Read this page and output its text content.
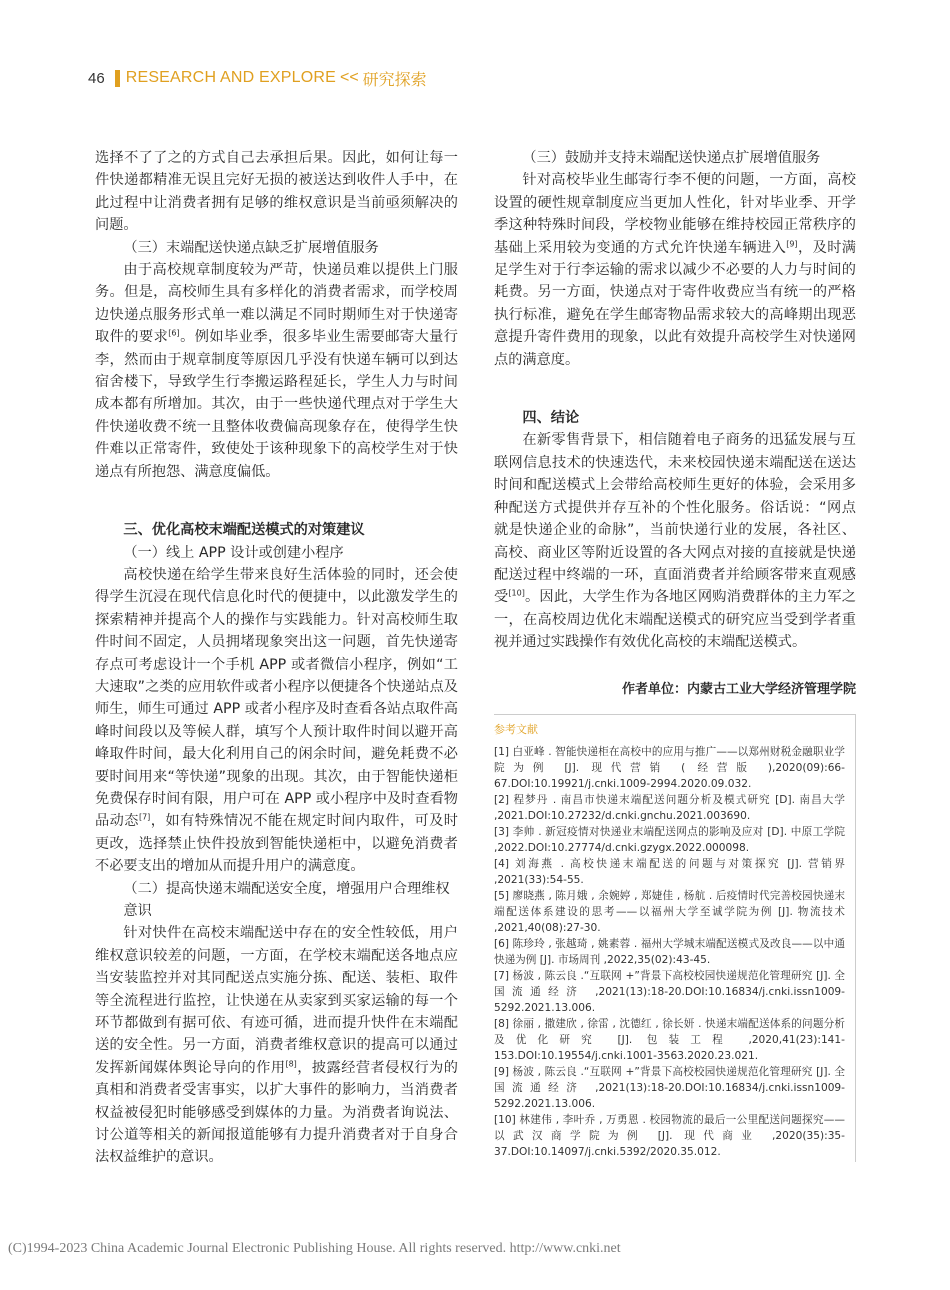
46 RESEARCH AND EXPLORE << 研究探索

选择不了了之的方式自己去承担后果。因此，如何让每一件快递都精准无误且完好无损的被送达到收件人手中，在此过程中让消费者拥有足够的维权意识是当前亟须解决的问题。

（三）末端配送快递点缺乏扩展增值服务

由于高校规章制度较为严苛，快递员难以提供上门服务。但是，高校师生具有多样化的消费者需求，而学校周边快递点服务形式单一难以满足不同时期师生对于快递寄取件的要求[6]。例如毕业季，很多毕业生需要邮寄大量行李，然而由于规章制度等原因几乎没有快递车辆可以到达宿舍楼下，导致学生行李搬运路程延长，学生人力与时间成本都有所增加。其次，由于一些快递代理点对于学生大件快递收费不统一且整体收费偏高现象存在，使得学生快件难以正常寄件，致使处于该种现象下的高校学生对于快递点有所抱怨、满意度偏低。

三、优化高校末端配送模式的对策建议
（一）线上 APP 设计或创建小程序

高校快递在给学生带来良好生活体验的同时，还会使得学生沉浸在现代信息化时代的便捷中，以此激发学生的探索精神并提高个人的操作与实践能力。针对高校师生取件时间不固定，人员拥堵现象突出这一问题，首先快递寄存点可考虑设计一个手机 APP 或者微信小程序，例如“工大速取”之类的应用软件或者小程序以便捷各个快递站点及师生，师生可通过 APP 或者小程序及时查看各站点取件高峰时间段以及等候人群，填写个人预计取件时间以避开高峰取件时间，最大化利用自己的闲余时间，避免耗费不必要时间用来“等快递”现象的出现。其次，由于智能快递柜免费保存时间有限，用户可在 APP 或小程序中及时查看物品动态[7]，如有特殊情况不能在规定时间内取件，可及时更改，选择禁止快件投放到智能快递柜中，以避免消费者不必要支出的增加从而提升用户的满意度。

（二）提高快递末端配送安全度，增强用户合理维权意识

针对快件在高校末端配送中存在的安全性较低，用户维权意识较差的问题，一方面，在学校末端配送各地点应当安装监控并对其同配送点实施分拣、配送、装柜、取件等全流程进行监控，让快递在从卖家到买家运输的每一个环节都做到有据可依、有迹可循，进而提升快件在末端配送的安全性。另一方面，消费者维权意识的提高可以通过发挥新闻媒体舆论导向的作用[8]，披露经营者侵权行为的真相和消费者受害事实，以扩大事件的影响力，当消费者权益被侵犯时能够感受到媒体的力量。为消费者询说法、讨公道等相关的新闻报道能够有力提升消费者对于自身合法权益维护的意识。

（三）鼓励并支持末端配送快递点扩展增值服务

针对高校毕业生邮寄行李不便的问题，一方面，高校设置的硬性规章制度应当更加人性化，针对毕业季、开学季这种特殊时间段，学校物业能够在维持校园正常秩序的基础上采用较为变通的方式允许快递车辆进入[9]，及时满足学生对于行李运输的需求以减少不必要的人力与时间的耗费。另一方面，快递点对于寄件收费应当有统一的严格执行标准，避免在学生邮寄物品需求较大的高峰期出现恶意提升寄件费用的现象，以此有效提升高校学生对快递网点的满意度。

四、结论

在新零售背景下，相信随着电子商务的迅猛发展与互联网信息技术的快速迭代，未来校园快递末端配送在送达时间和配送模式上会带给高校师生更好的体验，会采用多种配送方式提供并存互补的个性化服务。俗话说：“网点就是快递企业的命脉”，当前快递行业的发展，各社区、高校、商业区等附近设置的各大网点对接的直接就是快递配送过程中终端的一环，直面消费者并给顾客带来直观感受[10]。因此，大学生作为各地区网购消费群体的主力军之一，在高校周边优化末端配送模式的研究应当受到学者重视并通过实践操作有效优化高校的末端配送模式。

作者单位：内蒙古工业大学经济管理学院
参考文献

[1] 白亚峰 . 智能快递柜在高校中的应用与推广——以郑州财税金融职业学院为例 [J]. 现代营销 ( 经营版 ),2020(09):66-67.DOI:10.19921/j.cnki.1009-2994.2020.09.032.

[2] 程梦丹 . 南昌市快递末端配送问题分析及模式研究 [D]. 南昌大学 ,2021.DOI:10.27232/d.cnki.gnchu.2021.003690.

[3] 李帅 . 新冠疫情对快递业末端配送网点的影响及应对 [D]. 中原工学院 ,2022.DOI:10.27774/d.cnki.gzygx.2022.000098.

[4] 刘海燕 . 高校快递末端配送的问题与对策探究 [J]. 营销界 ,2021(33):54-55.

[5] 廖晓燕 , 陈月娥 , 余婉婷 , 郑婕佳 , 杨航 . 后疫情时代完善校园快递末端配送体系建设的思考——以福州大学至诚学院为例 [J]. 物流技术 ,2021,40(08):27-30.

[6] 陈珍玲 , 张越琦 , 姚素蓉 . 福州大学城末端配送模式及改良——以中通快递为例 [J]. 市场周刊 ,2022,35(02):43-45.

[7] 杨波 , 陈云良 .“互联网 +”背景下高校校园快递规范化管理研究 [J]. 全国流通经济 ,2021(13):18-20.DOI:10.16834/j.cnki.issn1009-5292.2021.13.006.

[8] 徐丽 , 撒建欣 , 徐雷 , 沈德红 , 徐长妍 . 快递末端配送体系的问题分析及优化研究 [J]. 包装工程 ,2020,41(23):141-153.DOI:10.19554/j.cnki.1001-3563.2020.23.021.

[9] 杨波 , 陈云良 .“互联网 +”背景下高校校园快递规范化管理研究 [J]. 全国流通经济 ,2021(13):18-20.DOI:10.16834/j.cnki.issn1009-5292.2021.13.006.

[10] 林建伟 , 李叶乔 , 万勇恩 . 校园物流的最后一公里配送问题探究——以武汉商学院为例 [J]. 现代商业 ,2020(35):35-37.DOI:10.14097/j.cnki.5392/2020.35.012.

(C)1994-2023 China Academic Journal Electronic Publishing House. All rights reserved. http://www.cnki.net
